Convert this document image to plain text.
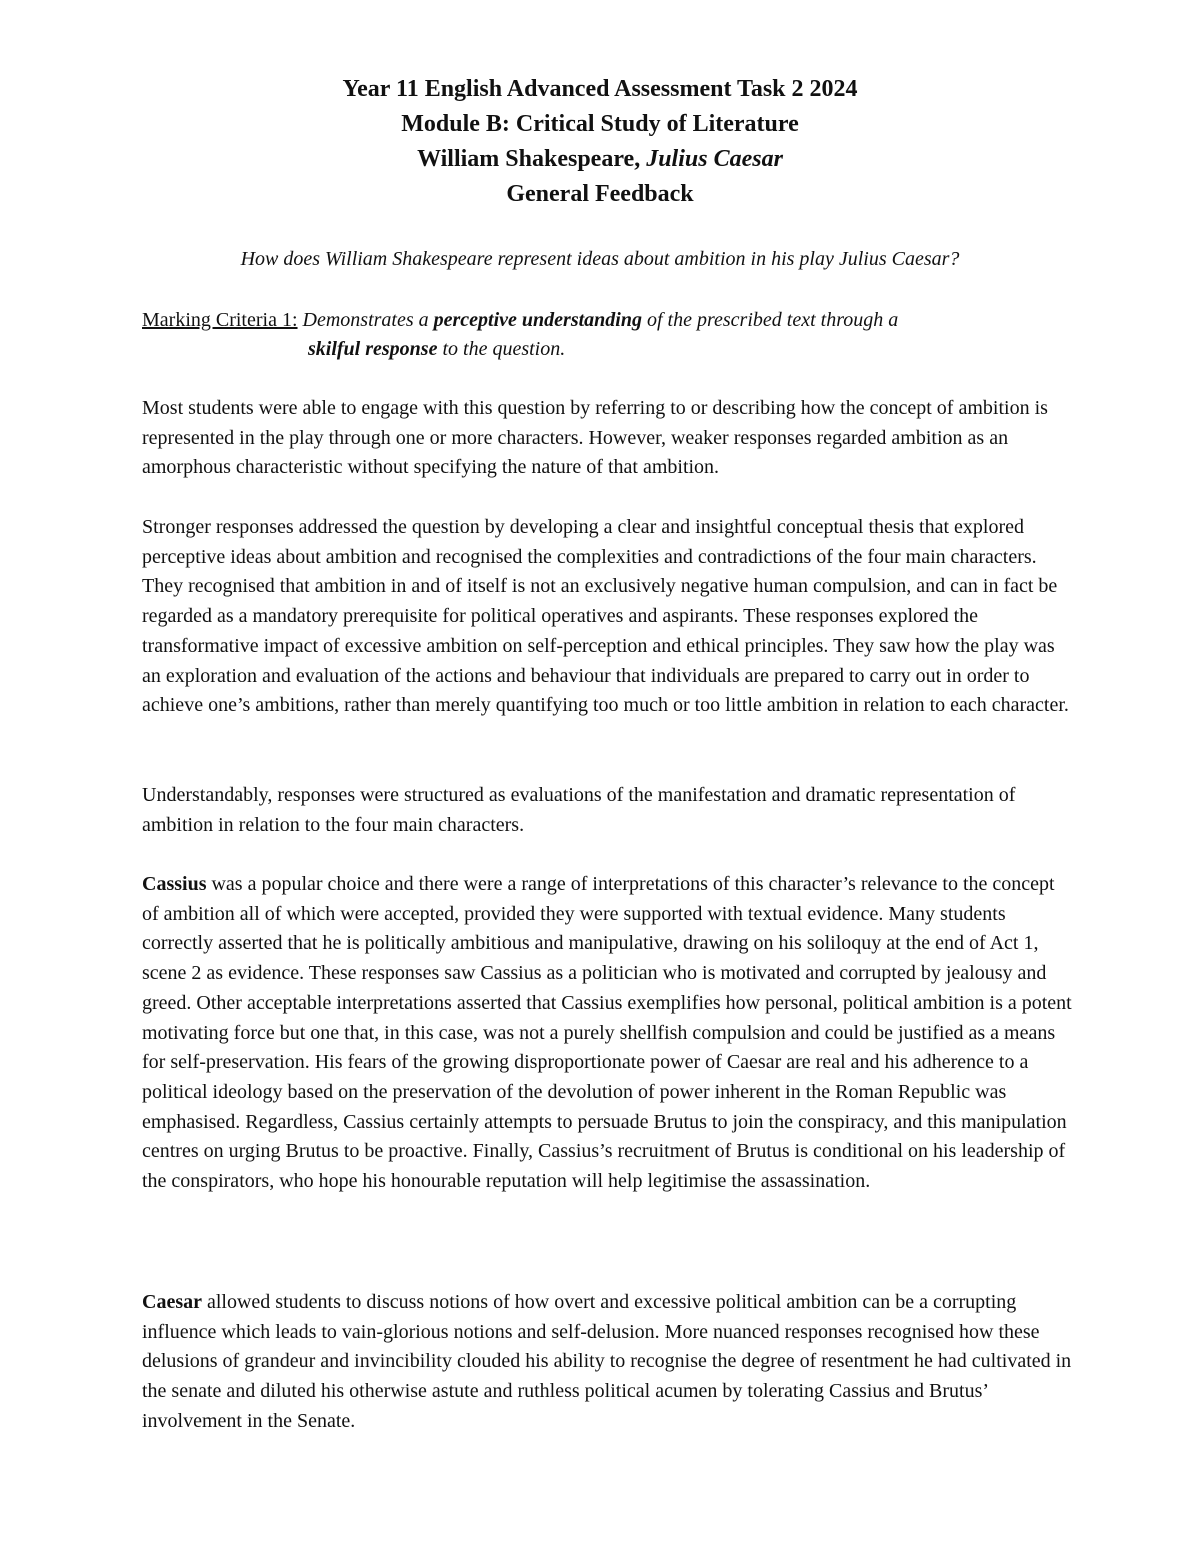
Year 11 English Advanced Assessment Task 2 2024
Module B: Critical Study of Literature
William Shakespeare, Julius Caesar
General Feedback
How does William Shakespeare represent ideas about ambition in his play Julius Caesar?
Marking Criteria 1: Demonstrates a perceptive understanding of the prescribed text through a
skilful response to the question.

Most students were able to engage with this question by referring to or describing how the concept of ambition is represented in the play through one or more characters. However, weaker responses regarded ambition as an amorphous characteristic without specifying the nature of that ambition.

Stronger responses addressed the question by developing a clear and insightful conceptual thesis that explored perceptive ideas about ambition and recognised the complexities and contradictions of the four main characters. They recognised that ambition in and of itself is not an exclusively negative human compulsion, and can in fact be regarded as a mandatory prerequisite for political operatives and aspirants. These responses explored the transformative impact of excessive ambition on self-perception and ethical principles. They saw how the play was an exploration and evaluation of the actions and behaviour that individuals are prepared to carry out in order to achieve one’s ambitions, rather than merely quantifying too much or too little ambition in relation to each character.

Understandably, responses were structured as evaluations of the manifestation and dramatic representation of ambition in relation to the four main characters.

Cassius was a popular choice and there were a range of interpretations of this character’s relevance to the concept of ambition all of which were accepted, provided they were supported with textual evidence. Many students correctly asserted that he is politically ambitious and manipulative, drawing on his soliloquy at the end of Act 1, scene 2 as evidence. These responses saw Cassius as a politician who is motivated and corrupted by jealousy and greed. Other acceptable interpretations asserted that Cassius exemplifies how personal, political ambition is a potent motivating force but one that, in this case, was not a purely shellfish compulsion and could be justified as a means for self-preservation. His fears of the growing disproportionate power of Caesar are real and his adherence to a political ideology based on the preservation of the devolution of power inherent in the Roman Republic was emphasised. Regardless, Cassius certainly attempts to persuade Brutus to join the conspiracy, and this manipulation centres on urging Brutus to be proactive. Finally, Cassius’s recruitment of Brutus is conditional on his leadership of the conspirators, who hope his honourable reputation will help legitimise the assassination.

Caesar allowed students to discuss notions of how overt and excessive political ambition can be a corrupting influence which leads to vain-glorious notions and self-delusion. More nuanced responses recognised how these delusions of grandeur and invincibility clouded his ability to recognise the degree of resentment he had cultivated in the senate and diluted his otherwise astute and ruthless political acumen by tolerating Cassius and Brutus’ involvement in the Senate.
